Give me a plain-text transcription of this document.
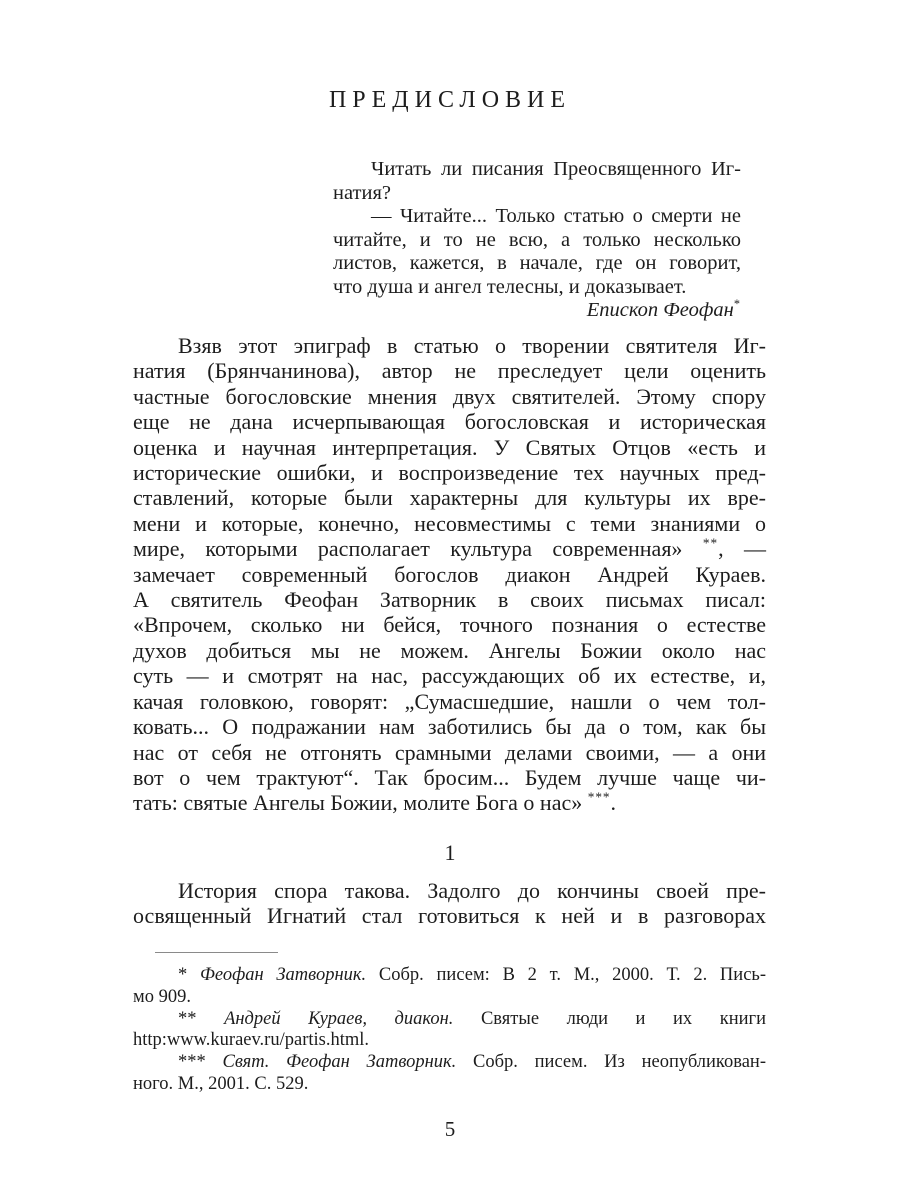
ПРЕДИСЛОВИЕ
Читать ли писания Преосвященного Иг-
натия?
— Читайте... Только статью о смерти не
читайте, и то не всю, а только несколько
листов, кажется, в начале, где он говорит,
что душа и ангел телесны, и доказывает.
Епископ Феофан*
Взяв этот эпиграф в статью о творении святителя Иг-
натия (Брянчанинова), автор не преследует цели оценить
частные богословские мнения двух святителей. Этому спору
еще не дана исчерпывающая богословская и историческая
оценка и научная интерпретация. У Святых Отцов «есть и
исторические ошибки, и воспроизведение тех научных пред-
ставлений, которые были характерны для культуры их вре-
мени и которые, конечно, несовместимы с теми знаниями о
мире, которыми располагает культура современная» **, —
замечает современный богослов диакон Андрей Кураев.
А святитель Феофан Затворник в своих письмах писал:
«Впрочем, сколько ни бейся, точного познания о естестве
духов добиться мы не можем. Ангелы Божии около нас
суть — и смотрят на нас, рассуждающих об их естестве, и,
качая головкою, говорят: „Сумасшедшие, нашли о чем тол-
ковать... О подражании нам заботились бы да о том, как бы
нас от себя не отгонять срамными делами своими, — а они
вот о чем трактуют“. Так бросим... Будем лучше чаще чи-
тать: святые Ангелы Божии, молите Бога о нас» ***.
1
История спора такова. Задолго до кончины своей пре-
освященный Игнатий стал готовиться к ней и в разговорах
* Феофан Затворник. Собр. писем: В 2 т. М., 2000. Т. 2. Пись-
мо 909.
** Андрей Кураев, диакон. Святые люди и их книги
http:www.kuraev.ru/partis.html.
*** Свят. Феофан Затворник. Собр. писем. Из неопубликован-
ного. М., 2001. С. 529.
5
